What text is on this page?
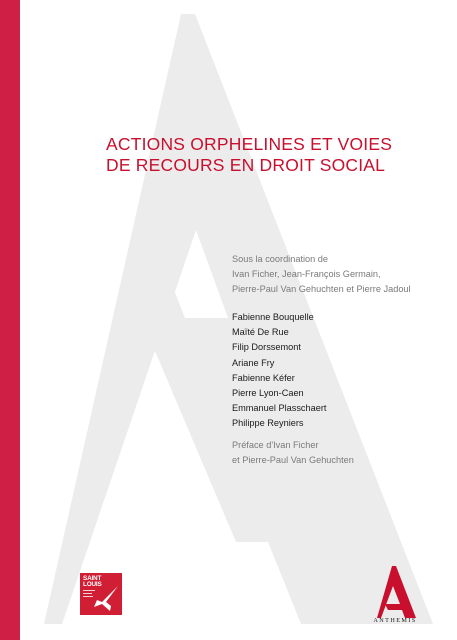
ACTIONS ORPHELINES ET VOIES
DE RECOURS EN DROIT SOCIAL
Sous la coordination de
Ivan Ficher, Jean-François Germain,
Pierre-Paul Van Gehuchten et Pierre Jadoul
Fabienne Bouquelle
Maïté De Rue
Filip Dorssemont
Ariane Fry
Fabienne Kéfer
Pierre Lyon-Caen
Emmanuel Plasschaert
Philippe Reyniers
Préface d'Ivan Ficher
et Pierre-Paul Van Gehuchten
SAINT
LOUIS
ANTHEMIS
